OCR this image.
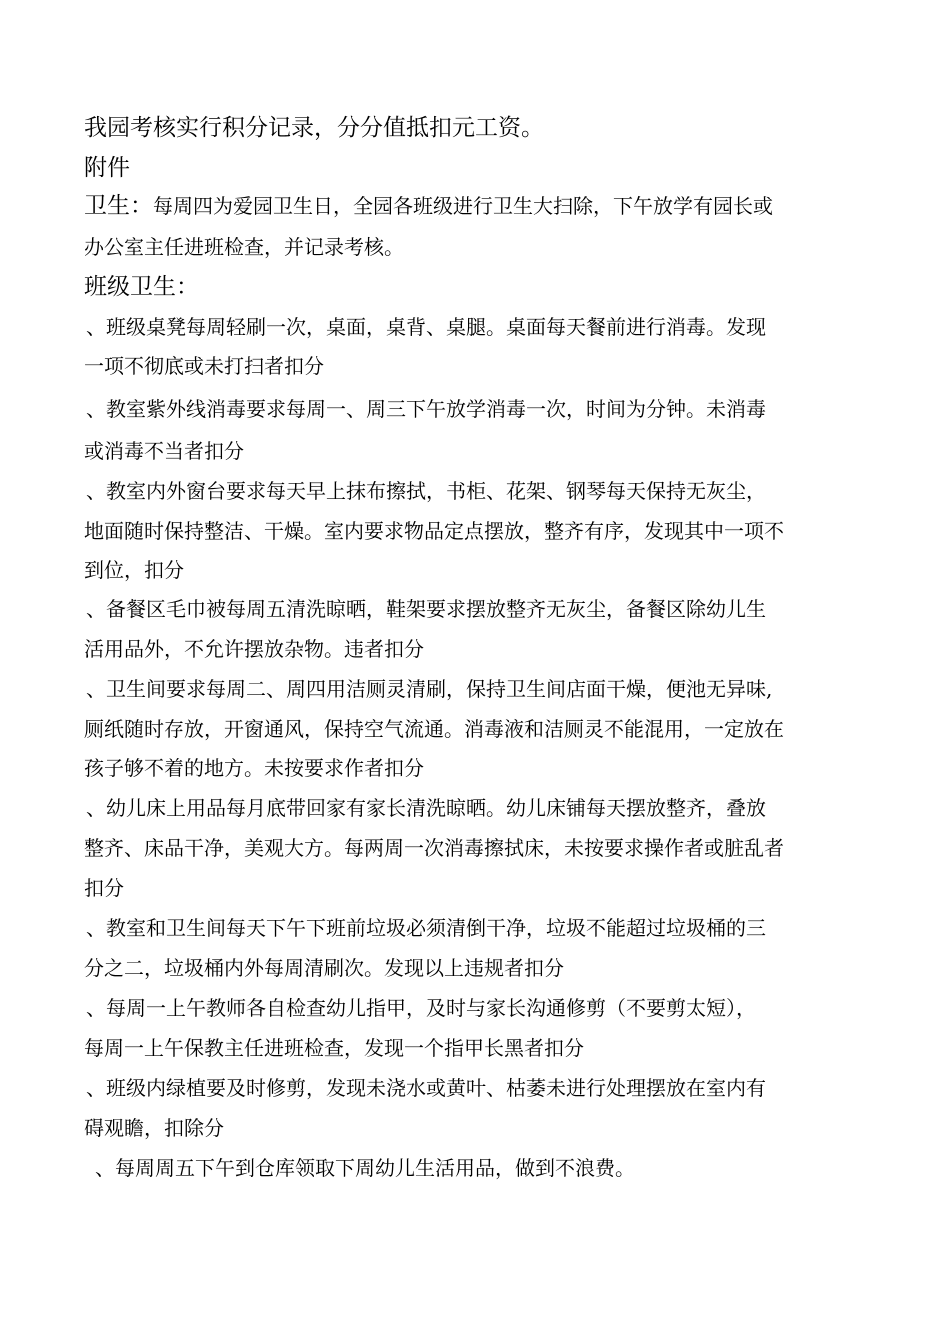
我园考核实行积分记录，分分值抵扣元工资。
附件
卫生：每周四为爱园卫生日，全园各班级进行卫生大扫除，下午放学有园长或
办公室主任进班检查，并记录考核。
班级卫生：
、班级桌凳每周轻刷一次，桌面，桌背、桌腿。桌面每天餐前进行消毒。发现
一项不彻底或未打扫者扣分
、教室紫外线消毒要求每周一、周三下午放学消毒一次，时间为分钟。未消毒
或消毒不当者扣分
、教室内外窗台要求每天早上抹布擦拭，书柜、花架、钢琴每天保持无灰尘，
地面随时保持整洁、干燥。室内要求物品定点摆放，整齐有序，发现其中一项不
到位，扣分
、备餐区毛巾被每周五清洗晾晒，鞋架要求摆放整齐无灰尘，备餐区除幼儿生
活用品外，不允许摆放杂物。违者扣分
、卫生间要求每周二、周四用洁厕灵清刷，保持卫生间店面干燥，便池无异味,
厕纸随时存放，开窗通风，保持空气流通。消毒液和洁厕灵不能混用，一定放在
孩子够不着的地方。未按要求作者扣分
、幼儿床上用品每月底带回家有家长清洗晾晒。幼儿床铺每天摆放整齐，叠放
整齐、床品干净，美观大方。每两周一次消毒擦拭床，未按要求操作者或脏乱者
扣分
、教室和卫生间每天下午下班前垃圾必须清倒干净，垃圾不能超过垃圾桶的三
分之二，垃圾桶内外每周清刷次。发现以上违规者扣分
、每周一上午教师各自检查幼儿指甲，及时与家长沟通修剪（不要剪太短），
每周一上午保教主任进班检查，发现一个指甲长黑者扣分
、班级内绿植要及时修剪，发现未浇水或黄叶、枯萎未进行处理摆放在室内有
碍观瞻，扣除分
、每周周五下午到仓库领取下周幼儿生活用品，做到不浪费。
